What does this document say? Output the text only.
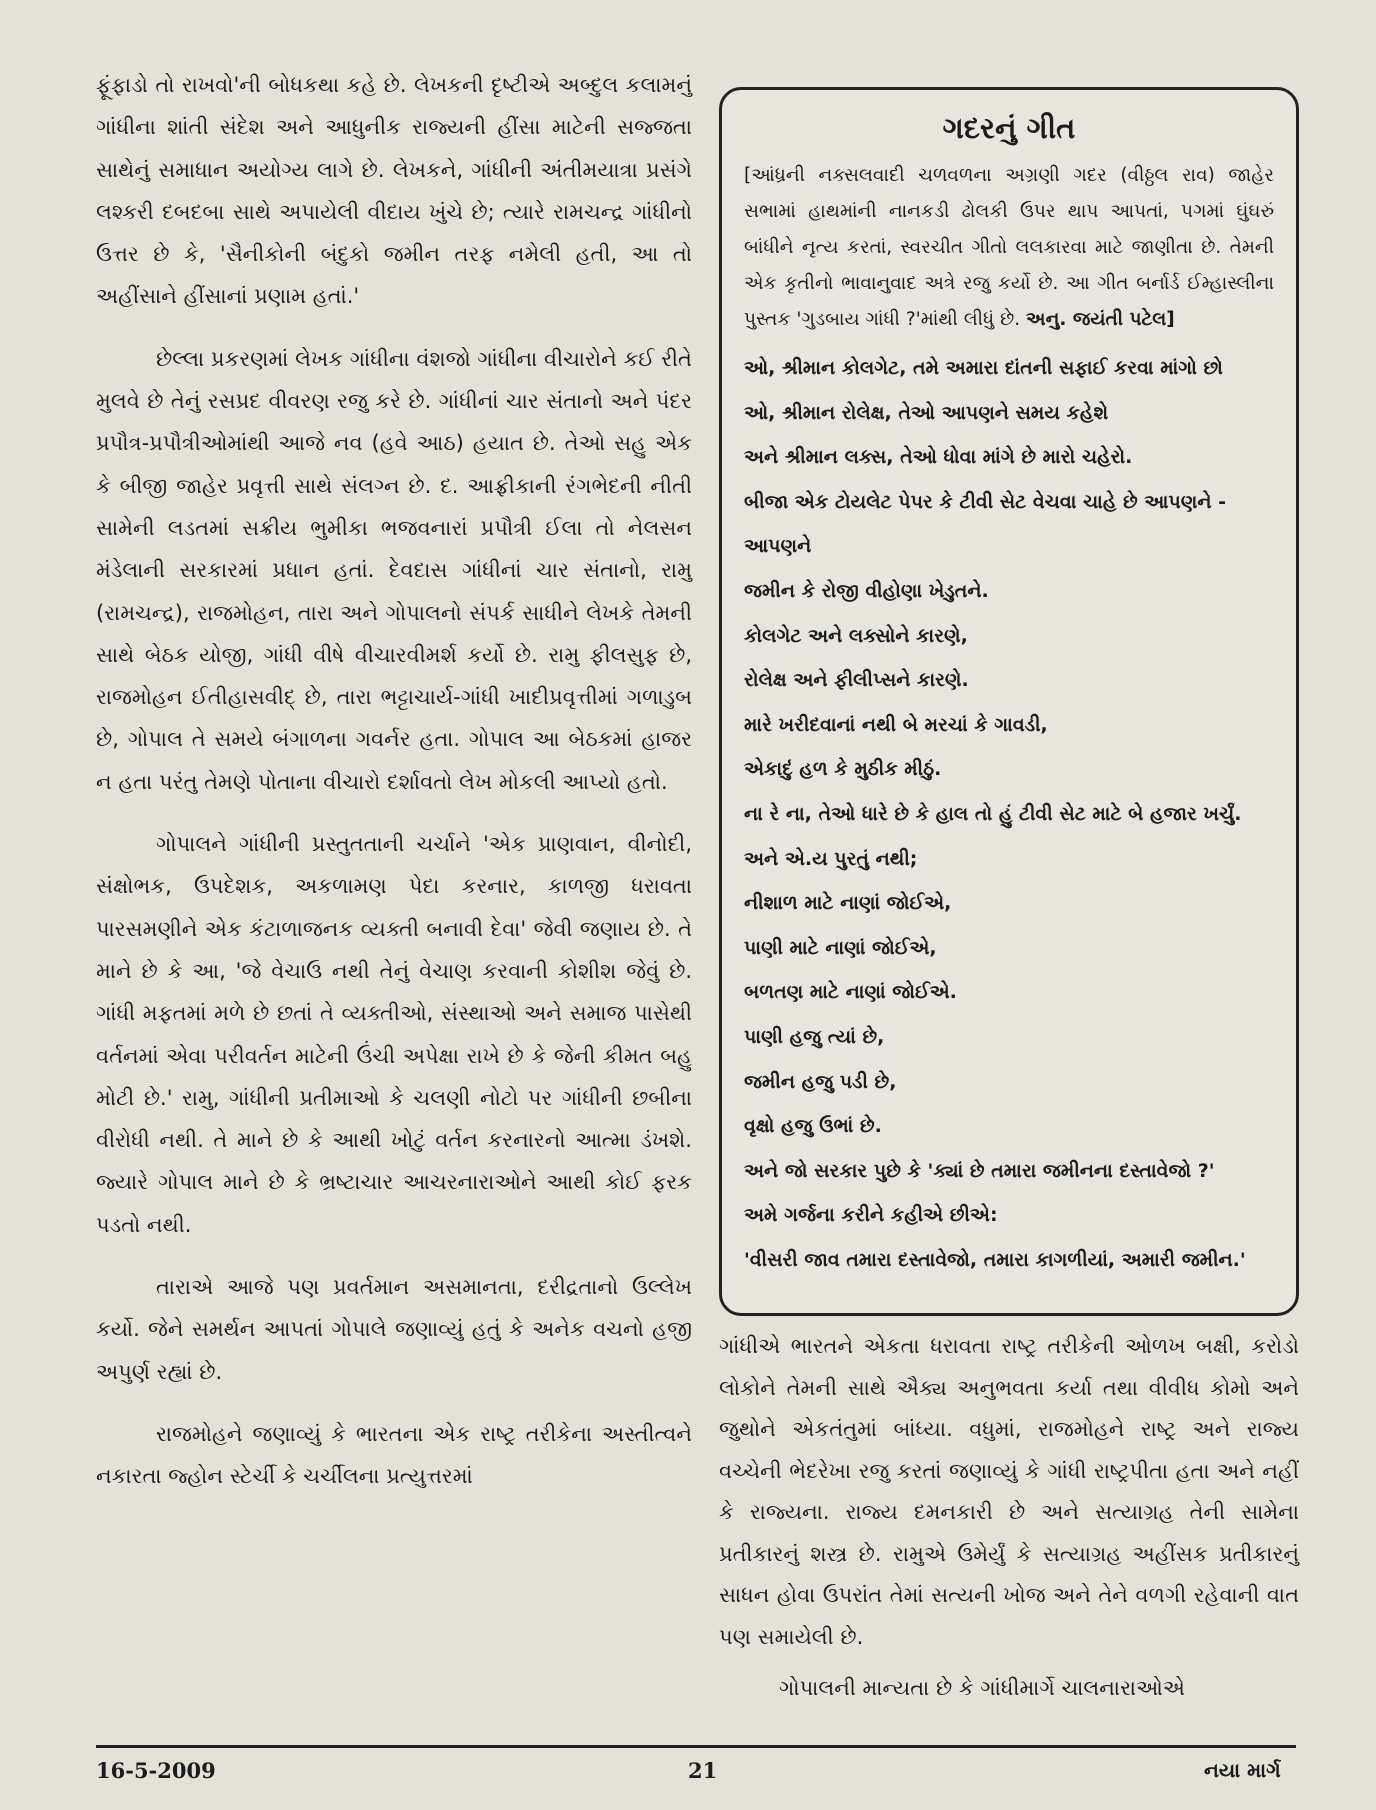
ફૂંફાડો તો રાખવો'ની બોધકથા કહે છે. લેખકની દૃષ્ટીએ અબ્દુલ કલામનું ગાંધીના શાંતી સંદેશ અને આધુનીક રાજ્યની હીંસા માટેની સજ્જતા સાથેનું સમાધાન અયોગ્ય લાગે છે. લેખકને, ગાંધીની અંતીમયાત્રા પ્રસંગે લશ્કરી દબદબા સાથે અપાયેલી વીદાય ખુંચે છે; ત્યારે રામચન્દ્ર ગાંધીનો ઉત્તર છે કે, 'સૈનીકોની બંદુકો જમીન તરફ નમેલી હતી, આ તો અહીંસાને હીંસાનાં પ્રણામ હતાં.'

છેલ્લા પ્રકરણમાં લેખક ગાંધીના વંશજો ગાંધીના વીચારોને કઈ રીતે મુલવે છે તેનું રસપ્રદ વીવરણ રજુ કરે છે. ગાંધીનાં ચાર સંતાનો અને પંદર પ્રપૌત્ર-પ્રપૌત્રીઓમાંથી આજે નવ (હવે આઠ) હયાત છે. તેઓ સહુ એક કે બીજી જાહેર પ્રવૃત્તી સાથે સંલગ્ન છે. દ. આફ્રીકાની રંગભેદની નીતી સામેની લડતમાં સક્રીય ભુમીકા ભજવનારાં પ્રપૌત્રી ઈલા તો નેલસન મંડેલાની સરકારમાં પ્રધાન હતાં. દેવદાસ ગાંધીનાં ચાર સંતાનો, રામુ (રામચન્દ્ર), રાજમોહન, તારા અને ગોપાલનો સંપર્ક સાધીને લેખકે તેમની સાથે બેઠક યોજી, ગાંધી વીષે વીચારવીમર્શ કર્યો છે. રામુ ફીલસુફ છે, રાજમોહન ઈતીહાસવીદ્ છે, તારા ભટ્ટાચાર્ય-ગાંધી ખાદીપ્રવૃત્તીમાં ગળાડુબ છે, ગોપાલ તે સમયે બંગાળના ગવર્નર હતા. ગોપાલ આ બેઠકમાં હાજર ન હતા પરંતુ તેમણે પોતાના વીચારો દર્શાવતો લેખ મોકલી આપ્યો હતો.

ગોપાલને ગાંધીની પ્રસ્તુતતાની ચર્ચાને 'એક પ્રાણવાન, વીનોદી, સંક્ષોભક, ઉપદેશક, અકળામણ પેદા કરનાર, કાળજી ધરાવતા પારસમણીને એક કંટાળાજનક વ્યક્તી બનાવી દેવા' જેવી જણાય છે. તે માને છે કે આ, 'જે વેચાઉ નથી તેનું વેચાણ કરવાની કોશીશ જેવું છે. ગાંધી મફતમાં મળે છે છતાં તે વ્યક્તીઓ, સંસ્થાઓ અને સમાજ પાસેથી વર્તનમાં એવા પરીવર્તન માટેની ઉંચી અપેક્ષા રાખે છે કે જેની કીમત બહુ મોટી છે.' રામુ, ગાંધીની પ્રતીમાઓ કે ચલણી નોટો પર ગાંધીની છબીના વીરોધી નથી. તે માને છે કે આથી ખોટું વર્તન કરનારનો આત્મા ડંખશે. જ્યારે ગોપાલ માને છે કે ભ્રષ્ટાચાર આચરનારાઓને આથી કોઈ ફરક પડતો નથી.

તારાએ આજે પણ પ્રવર્તમાન અસમાનતા, દરીદ્રતાનો ઉલ્લેખ કર્યો. જેને સમર્થન આપતાં ગોપાલે જણાવ્યું હતું કે અનેક વચનો હજી અપુર્ણ રહ્યાં છે.

રાજમોહને જણાવ્યું કે ભારતના એક રાષ્ટ્ર તરીકેના અસ્તીત્વને નકારતા જ્હોન સ્ટેર્ચી કે ચર્ચીલના પ્રત્યુત્તરમાં

ગદરનું ગીત

[આંધ્રની નક્સલવાદી ચળવળના અગ્રણી ગદર (વીઠ્ઠલ રાવ) જાહેર સભામાં હાથમાંની નાનકડી ઢોલકી ઉપર થાપ આપતાં, પગમાં ઘુંઘરું બાંધીને નૃત્ય કરતાં, સ્વરચીત ગીતો લલકારવા માટે જાણીતા છે. તેમની એક કૃતીનો ભાવાનુવાદ અત્રે રજુ કર્યો છે. આ ગીત બર્નાર્ડ ઈમ્હાસ્લીના પુસ્તક 'ગુડબાય ગાંધી ?'માંથી લીધું છે. અનુ. જયંતી પટેલ]

ઓ, શ્રીમાન કોલગેટ, તમે અમારા દાંતની સફાઈ કરવા માંગો છો
ઓ, શ્રીમાન રોલેક્ષ, તેઓ આપણને સમય કહેશે
અને શ્રીમાન લક્સ, તેઓ ધોવા માંગે છે મારો ચહેરો.
બીજા એક ટોયલેટ પેપર કે ટીવી સેટ વેચવા ચાહે છે આપણને -
આપણને
જમીન કે રોજી વીહોણા ખેડુતને.
કોલગેટ અને લક્સોને કારણે,
રોલેક્ષ અને ફીલીપ્સને કારણે.
મારે ખરીદવાનાં નથી બે મરચાં કે ગાવડી,
એકાદું હળ કે મુઠીક મીઠું.
ના રે ના, તેઓ ધારે છે કે હાલ તો હું ટીવી સેટ માટે બે હજાર ખર્ચું.
અને એ.ય પુરતું નથી;
નીશાળ માટે નાણાં જોઈએ,
પાણી માટે નાણાં જોઈએ,
બળતણ માટે નાણાં જોઈએ.
પાણી હજુ ત્યાં છે,
જમીન હજુ પડી છે,
વૃક્ષો હજુ ઉભાં છે.
અને જો સરકાર પુછે કે 'ક્યાં છે તમારા જમીનના દસ્તાવેજો ?'
અમે ગર્જના કરીને કહીએ છીએ:
'વીસરી જાવ તમારા દસ્તાવેજો, તમારા કાગળીયાં, અમારી જમીન.'

ગાંધીએ ભારતને એકતા ધરાવતા રાષ્ટ્ર તરીકેની ઓળખ બક્ષી, કરોડો લોકોને તેમની સાથે ઐક્ય અનુભવતા કર્યા તથા વીવીધ કોમો અને જુથોને એકતંતુમાં બાંધ્યા. વધુમાં, રાજમોહને રાષ્ટ્ર અને રાજ્ય વચ્ચેની ભેદરેખા રજુ કરતાં જણાવ્યું કે ગાંધી રાષ્ટ્રપીતા હતા અને નહીં કે રાજ્યના. રાજ્ય દમનકારી છે અને સત્યાગ્રહ તેની સામેના પ્રતીકારનું શસ્ત્ર છે. રામુએ ઉમેર્યું કે સત્યાગ્રહ અહીંસક પ્રતીકારનું સાધન હોવા ઉપરાંત તેમાં સત્યની ખોજ અને તેને વળગી રહેવાની વાત પણ સમાયેલી છે.

ગોપાલની માન્યતા છે કે ગાંધીમાર્ગે ચાલનારાઓએ

16-5-2009	21	નયા માર્ગ
